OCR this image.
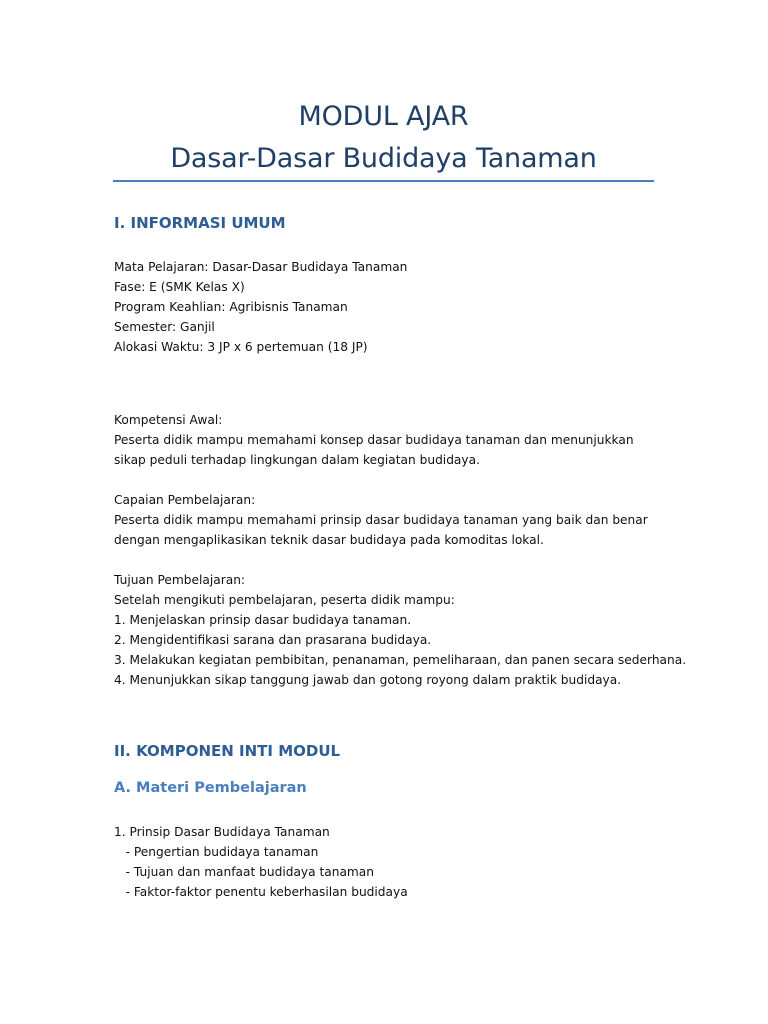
MODUL AJAR
Dasar-Dasar Budidaya Tanaman
I. INFORMASI UMUM
Mata Pelajaran: Dasar-Dasar Budidaya Tanaman
Fase: E (SMK Kelas X)
Program Keahlian: Agribisnis Tanaman
Semester: Ganjil
Alokasi Waktu: 3 JP x 6 pertemuan (18 JP)
Kompetensi Awal:
Peserta didik mampu memahami konsep dasar budidaya tanaman dan menunjukkan sikap peduli terhadap lingkungan dalam kegiatan budidaya.
Capaian Pembelajaran:
Peserta didik mampu memahami prinsip dasar budidaya tanaman yang baik dan benar dengan mengaplikasikan teknik dasar budidaya pada komoditas lokal.
Tujuan Pembelajaran:
Setelah mengikuti pembelajaran, peserta didik mampu:
1. Menjelaskan prinsip dasar budidaya tanaman.
2. Mengidentifikasi sarana dan prasarana budidaya.
3. Melakukan kegiatan pembibitan, penanaman, pemeliharaan, dan panen secara sederhana.
4. Menunjukkan sikap tanggung jawab dan gotong royong dalam praktik budidaya.
II. KOMPONEN INTI MODUL
A. Materi Pembelajaran
1. Prinsip Dasar Budidaya Tanaman
- Pengertian budidaya tanaman
- Tujuan dan manfaat budidaya tanaman
- Faktor-faktor penentu keberhasilan budidaya
